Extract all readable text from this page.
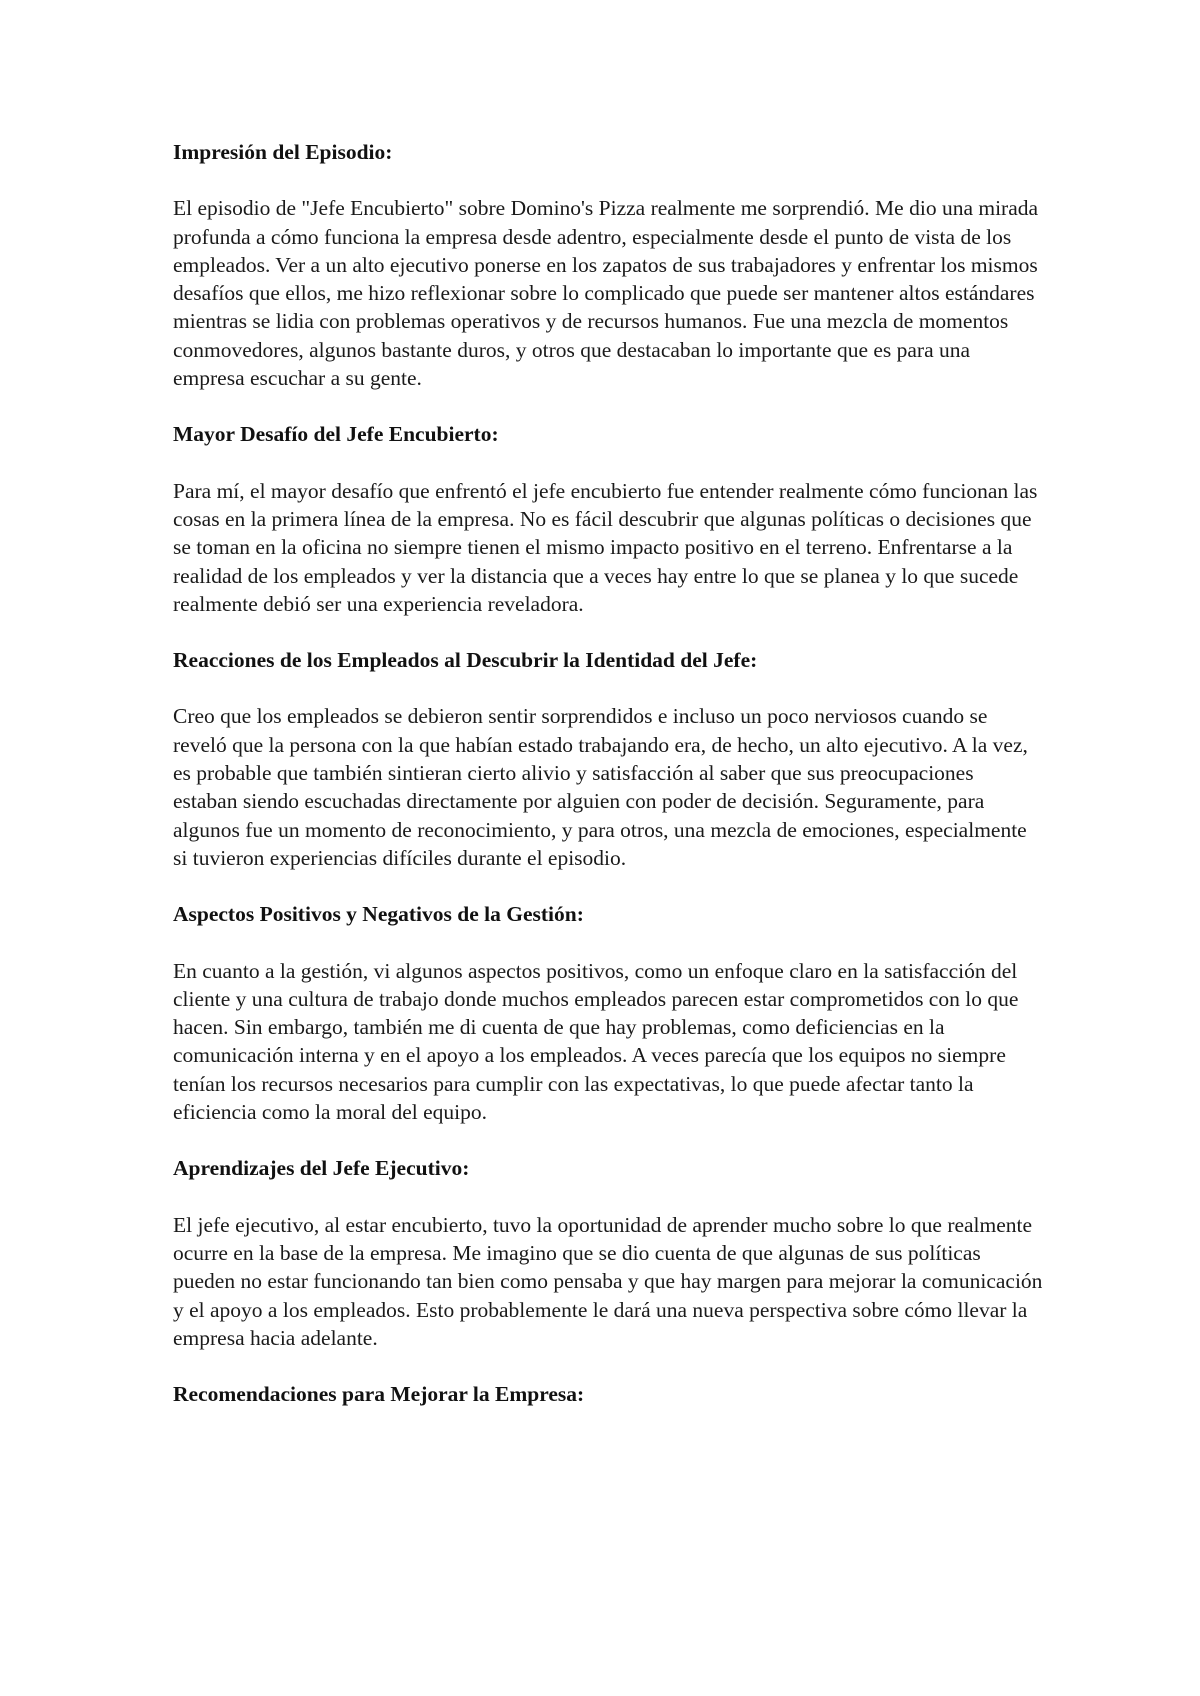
Impresión del Episodio:

El episodio de "Jefe Encubierto" sobre Domino's Pizza realmente me sorprendió. Me dio una mirada profunda a cómo funciona la empresa desde adentro, especialmente desde el punto de vista de los empleados. Ver a un alto ejecutivo ponerse en los zapatos de sus trabajadores y enfrentar los mismos desafíos que ellos, me hizo reflexionar sobre lo complicado que puede ser mantener altos estándares mientras se lidia con problemas operativos y de recursos humanos. Fue una mezcla de momentos conmovedores, algunos bastante duros, y otros que destacaban lo importante que es para una empresa escuchar a su gente.

Mayor Desafío del Jefe Encubierto:

Para mí, el mayor desafío que enfrentó el jefe encubierto fue entender realmente cómo funcionan las cosas en la primera línea de la empresa. No es fácil descubrir que algunas políticas o decisiones que se toman en la oficina no siempre tienen el mismo impacto positivo en el terreno. Enfrentarse a la realidad de los empleados y ver la distancia que a veces hay entre lo que se planea y lo que sucede realmente debió ser una experiencia reveladora.

Reacciones de los Empleados al Descubrir la Identidad del Jefe:

Creo que los empleados se debieron sentir sorprendidos e incluso un poco nerviosos cuando se reveló que la persona con la que habían estado trabajando era, de hecho, un alto ejecutivo. A la vez, es probable que también sintieran cierto alivio y satisfacción al saber que sus preocupaciones estaban siendo escuchadas directamente por alguien con poder de decisión. Seguramente, para algunos fue un momento de reconocimiento, y para otros, una mezcla de emociones, especialmente si tuvieron experiencias difíciles durante el episodio.

Aspectos Positivos y Negativos de la Gestión:

En cuanto a la gestión, vi algunos aspectos positivos, como un enfoque claro en la satisfacción del cliente y una cultura de trabajo donde muchos empleados parecen estar comprometidos con lo que hacen. Sin embargo, también me di cuenta de que hay problemas, como deficiencias en la comunicación interna y en el apoyo a los empleados. A veces parecía que los equipos no siempre tenían los recursos necesarios para cumplir con las expectativas, lo que puede afectar tanto la eficiencia como la moral del equipo.

Aprendizajes del Jefe Ejecutivo:

El jefe ejecutivo, al estar encubierto, tuvo la oportunidad de aprender mucho sobre lo que realmente ocurre en la base de la empresa. Me imagino que se dio cuenta de que algunas de sus políticas pueden no estar funcionando tan bien como pensaba y que hay margen para mejorar la comunicación y el apoyo a los empleados. Esto probablemente le dará una nueva perspectiva sobre cómo llevar la empresa hacia adelante.

Recomendaciones para Mejorar la Empresa:
